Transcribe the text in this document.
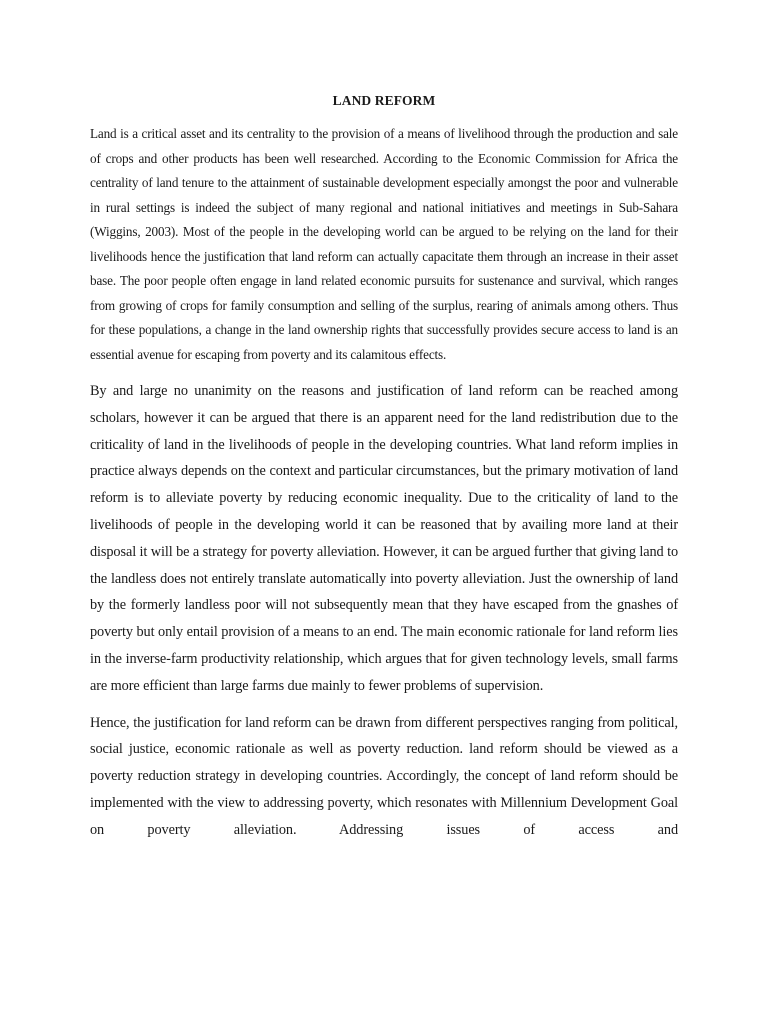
LAND REFORM

Land is a critical asset and its centrality to the provision of a means of livelihood through the production and sale of crops and other products has been well researched. According to the Economic Commission for Africa the centrality of land tenure to the attainment of sustainable development especially amongst the poor and vulnerable in rural settings is indeed the subject of many regional and national initiatives and meetings in Sub-Sahara (Wiggins, 2003). Most of the people in the developing world can be argued to be relying on the land for their livelihoods hence the justification that land reform can actually capacitate them through an increase in their asset base. The poor people often engage in land related economic pursuits for sustenance and survival, which ranges from growing of crops for family consumption and selling of the surplus, rearing of animals among others. Thus for these populations, a change in the land ownership rights that successfully provides secure access to land is an essential avenue for escaping from poverty and its calamitous effects.

By and large no unanimity on the reasons and justification of land reform can be reached among scholars, however it can be argued that there is an apparent need for the land redistribution due to the criticality of land in the livelihoods of people in the developing countries. What land reform implies in practice always depends on the context and particular circumstances, but the primary motivation of land reform is to alleviate poverty by reducing economic inequality. Due to the criticality of land to the livelihoods of people in the developing world it can be reasoned that by availing more land at their disposal it will be a strategy for poverty alleviation. However, it can be argued further that giving land to the landless does not entirely translate automatically into poverty alleviation. Just the ownership of land by the formerly landless poor will not subsequently mean that they have escaped from the gnashes of poverty but only entail provision of a means to an end. The main economic rationale for land reform lies in the inverse-farm productivity relationship, which argues that for given technology levels, small farms are more efficient than large farms due mainly to fewer problems of supervision.

Hence, the justification for land reform can be drawn from different perspectives ranging from political, social justice, economic rationale as well as poverty reduction. land reform should be viewed as a poverty reduction strategy in developing countries. Accordingly, the concept of land reform should be implemented with the view to addressing poverty, which resonates with Millennium Development Goal on poverty alleviation. Addressing issues of access and
